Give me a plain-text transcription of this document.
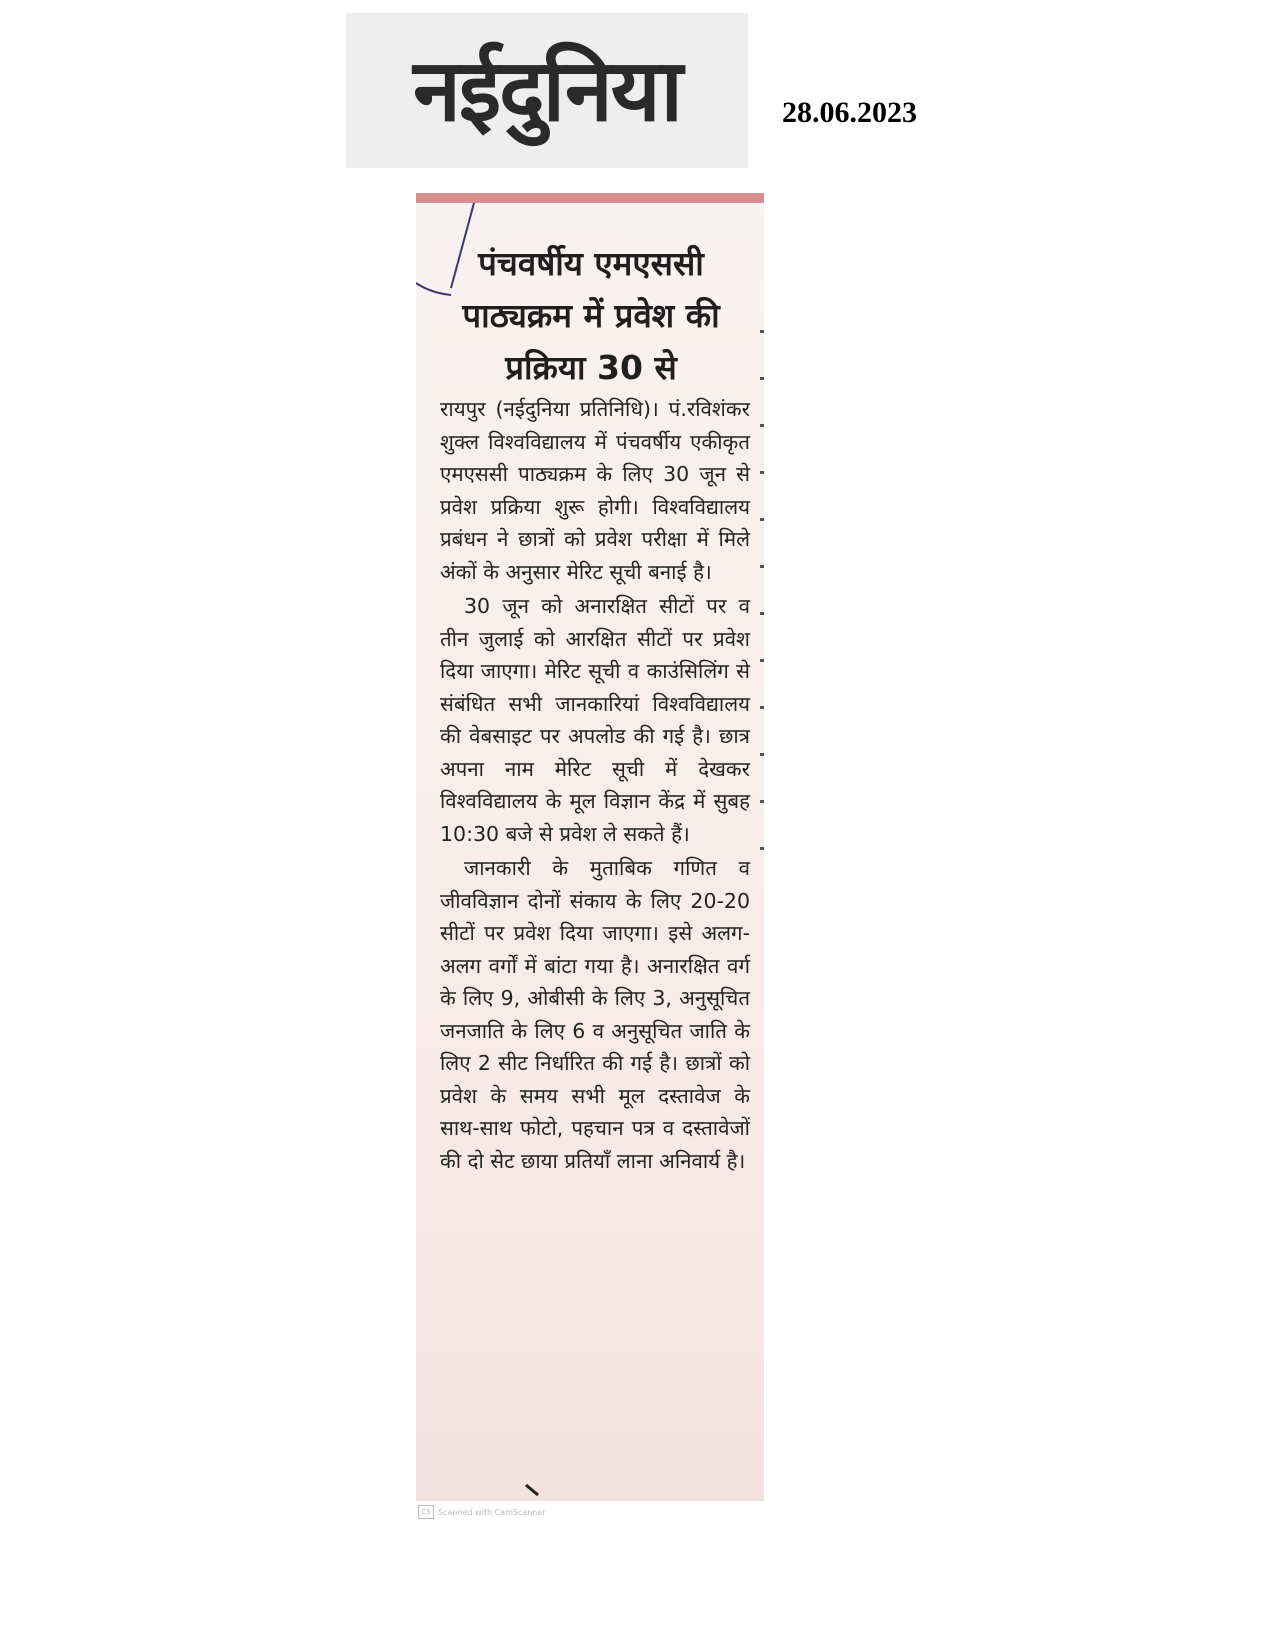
नईदुनिया	28.06.2023
पंचवर्षीय एमएससी
पाठ्यक्रम में प्रवेश की
प्रक्रिया 30 से

रायपुर (नईदुनिया प्रतिनिधि)। पं.रविशंकर शुक्ल विश्वविद्यालय में पंचवर्षीय एकीकृत एमएससी पाठ्यक्रम के लिए 30 जून से प्रवेश प्रक्रिया शुरू होगी। विश्वविद्यालय प्रबंधन ने छात्रों को प्रवेश परीक्षा में मिले अंकों के अनुसार मेरिट सूची बनाई है।

30 जून को अनारक्षित सीटों पर व तीन जुलाई को आरक्षित सीटों पर प्रवेश दिया जाएगा। मेरिट सूची व काउंसिलिंग से संबंधित सभी जानकारियां विश्वविद्यालय की वेबसाइट पर अपलोड की गई है। छात्र अपना नाम मेरिट सूची में देखकर विश्वविद्यालय के मूल विज्ञान केंद्र में सुबह 10:30 बजे से प्रवेश ले सकते हैं।

जानकारी के मुताबिक गणित व जीवविज्ञान दोनों संकाय के लिए 20-20 सीटों पर प्रवेश दिया जाएगा। इसे अलग-अलग वर्गों में बांटा गया है। अनारक्षित वर्ग के लिए 9, ओबीसी के लिए 3, अनुसूचित जनजाति के लिए 6 व अनुसूचित जाति के लिए 2 सीट निर्धारित की गई है। छात्रों को प्रवेश के समय सभी मूल दस्तावेज के साथ-साथ फोटो, पहचान पत्र व दस्तावेजों की दो सेट छाया प्रतियाँ लाना अनिवार्य है।

CS Scanned with CamScanner
